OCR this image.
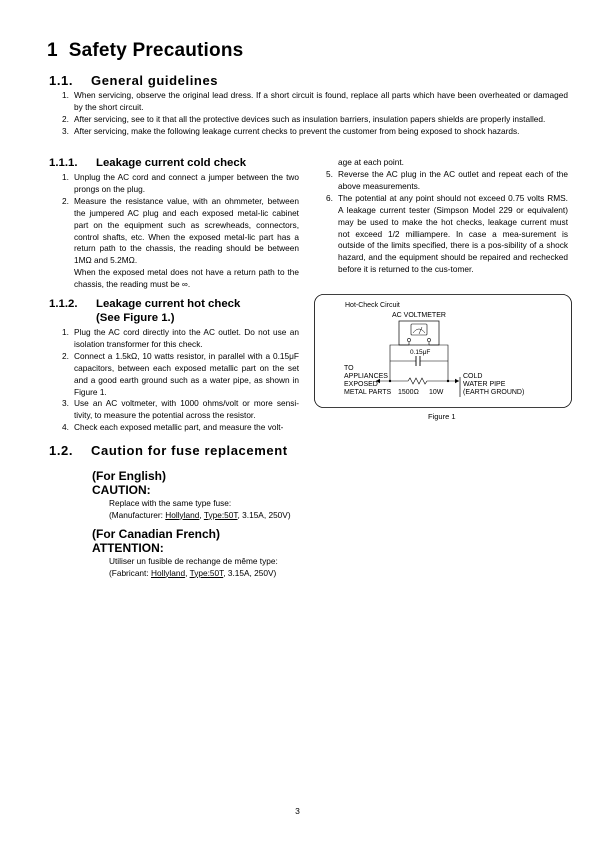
1 Safety Precautions
1.1. General guidelines
1. When servicing, observe the original lead dress. If a short circuit is found, replace all parts which have been overheated or damaged by the short circuit.
2. After servicing, see to it that all the protective devices such as insulation barriers, insulation papers shields are properly installed.
3. After servicing, make the following leakage current checks to prevent the customer from being exposed to shock hazards.
1.1.1. Leakage current cold check
1. Unplug the AC cord and connect a jumper between the two prongs on the plug.
2. Measure the resistance value, with an ohmmeter, between the jumpered AC plug and each exposed metal-lic cabinet part on the equipment such as screwheads, connectors, control shafts, etc. When the exposed metal-lic part has a return path to the chassis, the reading should be between 1MΩ and 5.2MΩ.
When the exposed metal does not have a return path to the chassis, the reading must be ∞.
1.1.2. Leakage current hot check
(See Figure 1.)
1. Plug the AC cord directly into the AC outlet. Do not use an isolation transformer for this check.
2. Connect a 1.5kΩ, 10 watts resistor, in parallel with a 0.15μF capacitors, between each exposed metallic part on the set and a good earth ground such as a water pipe, as shown in Figure 1.
3. Use an AC voltmeter, with 1000 ohms/volt or more sensi-tivity, to measure the potential across the resistor.
4. Check each exposed metallic part, and measure the volt-
age at each point.
5. Reverse the AC plug in the AC outlet and repeat each of the above measurements.
6. The potential at any point should not exceed 0.75 volts RMS. A leakage current tester (Simpson Model 229 or equivalent) may be used to make the hot checks, leakage current must not exceed 1/2 milliampere. In case a mea-surement is outside of the limits specified, there is a pos-sibility of a shock hazard, and the equipment should be repaired and rechecked before it is returned to the cus-tomer.
Hot-Check Circuit
AC VOLTMETER
0.15μF
TO
APPLIANCES
EXPOSED
METAL PARTS 1500Ω 10W
COLD
WATER PIPE
(EARTH GROUND)
Figure 1
1.2. Caution for fuse replacement
(For English)
CAUTION:
Replace with the same type fuse:
(Manufacturer: Hollyland, Type:50T, 3.15A, 250V)
(For Canadian French)
ATTENTION:
Utiliser un fusible de rechange de même type:
(Fabricant: Hollyland, Type:50T, 3.15A, 250V)
3
